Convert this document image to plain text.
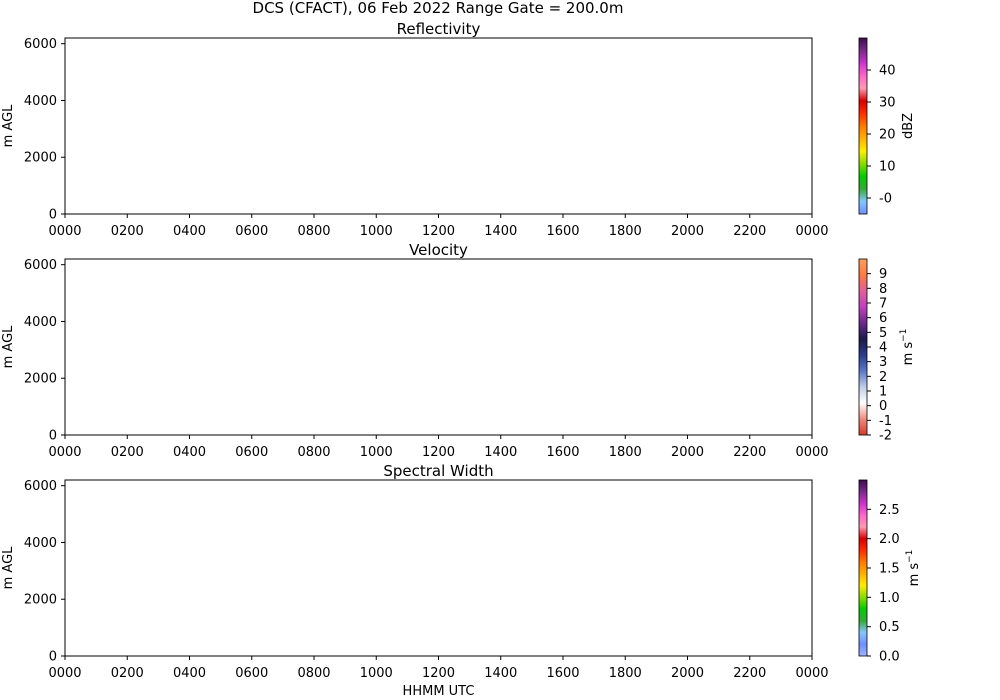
DCS (CFACT), 06 Feb 2022 Range Gate = 200.0m
Reflectivity
0
2000
4000
6000
m AGL
0000 0200 0400 0600 0800 1000 1200 1400 1600 1800 2000 2200 0000
-0
10
20
30
40
dBZ
Velocity
0
2000
4000
6000
m AGL
0000 0200 0400 0600 0800 1000 1200 1400 1600 1800 2000 2200 0000
-2
-1
0
1
2
3
4
5
6
7
8
9
m $s^{-1}$
Spectral Width
0
2000
4000
6000
m AGL
0000 0200 0400 0600 0800 1000 1200 1400 1600 1800 2000 2200 0000
HHMM UTC
0.0
0.5
1.0
1.5
2.0
2.5
m $s^{-1}$
